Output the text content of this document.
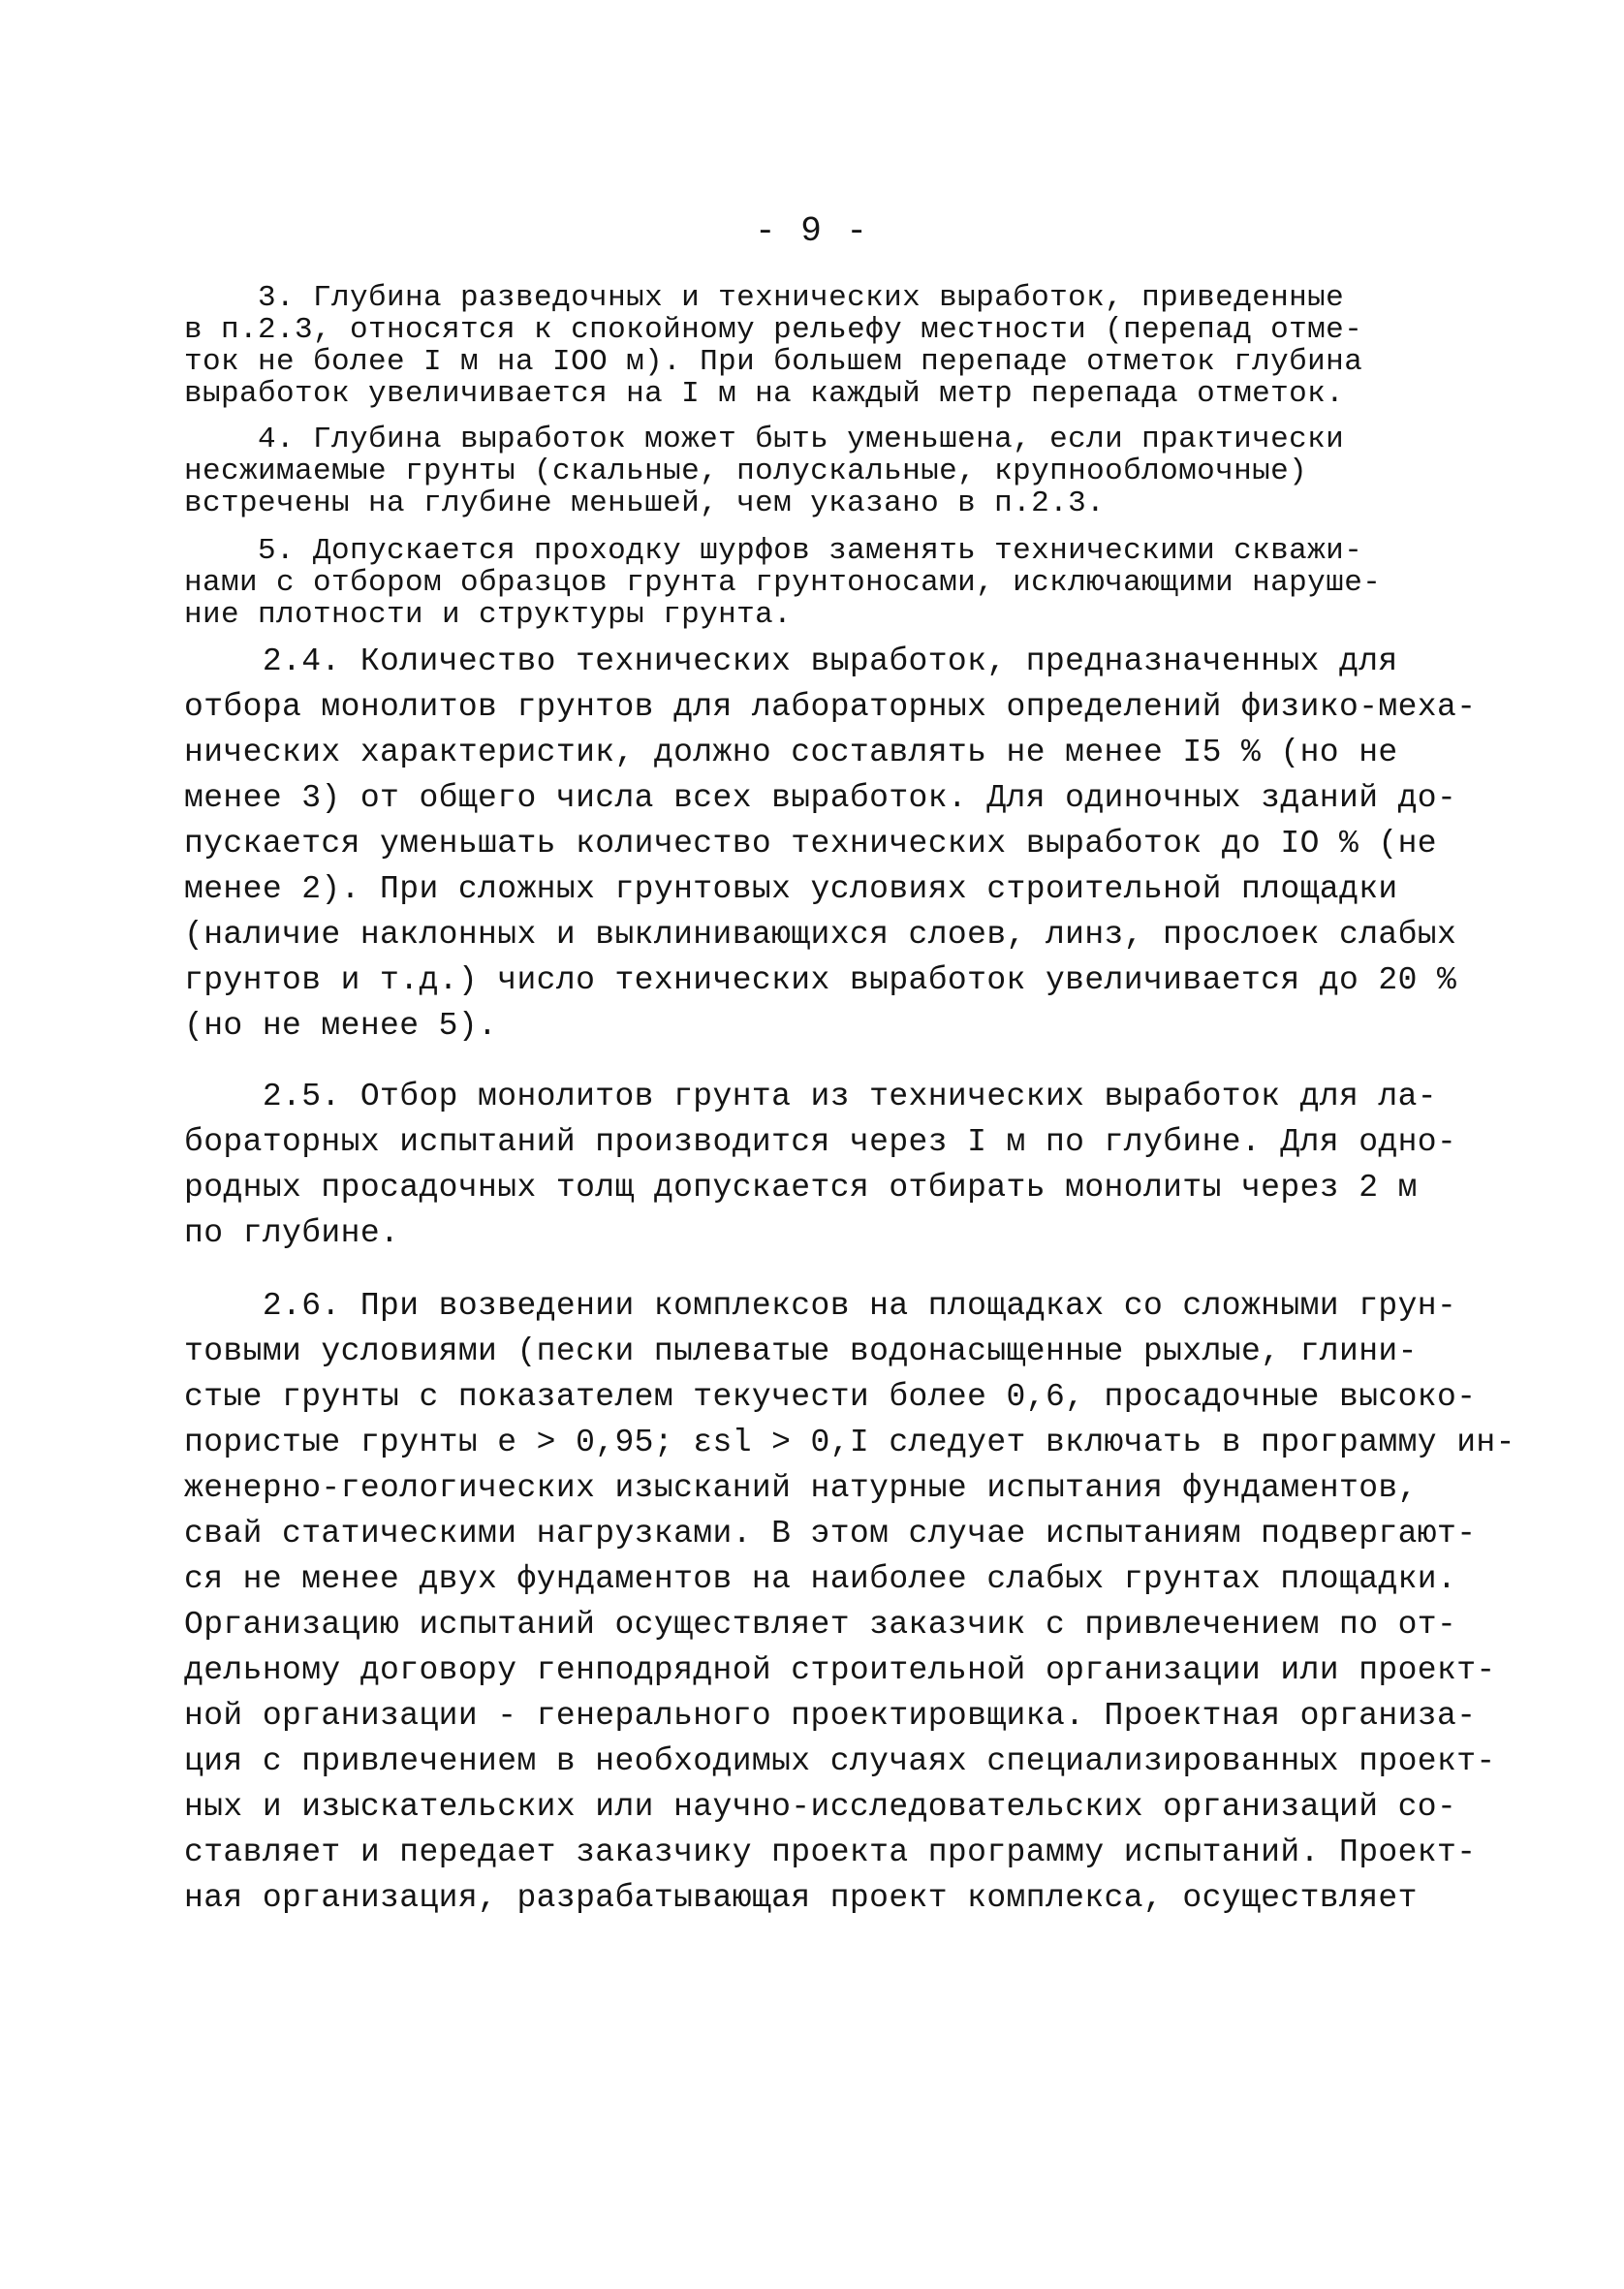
- 9 -
3. Глубина разведочных и технических выработок, приведенные
в п.2.3, относятся к спокойному рельефу местности (перепад отме-
ток не более I м на IOO м). При большем перепаде отметок глубина
выработок увеличивается на I м на каждый метр перепада отметок.
4. Глубина выработок может быть уменьшена, если практически
несжимаемые грунты (скальные, полускальные, крупнообломочные)
встречены на глубине меньшей, чем указано в п.2.3.
5. Допускается проходку шурфов заменять техническими скважи-
нами с отбором образцов грунта грунтоносами, исключающими наруше-
ние плотности и структуры грунта.
2.4. Количество технических выработок, предназначенных для
отбора монолитов грунтов для лабораторных определений физико-меха-
нических характеристик, должно составлять не менее I5 % (но не
менее 3) от общего числа всех выработок. Для одиночных зданий до-
пускается уменьшать количество технических выработок до IO % (не
менее 2). При сложных грунтовых условиях строительной площадки
(наличие наклонных и выклинивающихся слоев, линз, прослоек слабых
грунтов и т.д.) число технических выработок увеличивается до 20 %
(но не менее 5).
2.5. Отбор монолитов грунта из технических выработок для ла-
бораторных испытаний производится через I м по глубине. Для одно-
родных просадочных толщ допускается отбирать монолиты через 2 м
по глубине.
2.6. При возведении комплексов на площадках со сложными грун-
товыми условиями (пески пылеватые водонасыщенные рыхлые, глини-
стые грунты с показателем текучести более 0,6, просадочные высоко-
пористые грунты е > 0,95; εsl > 0,I следует включать в программу ин-
женерно-геологических изысканий натурные испытания фундаментов,
свай статическими нагрузками. В этом случае испытаниям подвергают-
ся не менее двух фундаментов на наиболее слабых грунтах площадки.
Организацию испытаний осуществляет заказчик с привлечением по от-
дельному договору генподрядной строительной организации или проект-
ной организации - генерального проектировщика. Проектная организа-
ция с привлечением в необходимых случаях специализированных проект-
ных и изыскательских или научно-исследовательских организаций со-
ставляет и передает заказчику проекта программу испытаний. Проект-
ная организация, разрабатывающая проект комплекса, осуществляет
